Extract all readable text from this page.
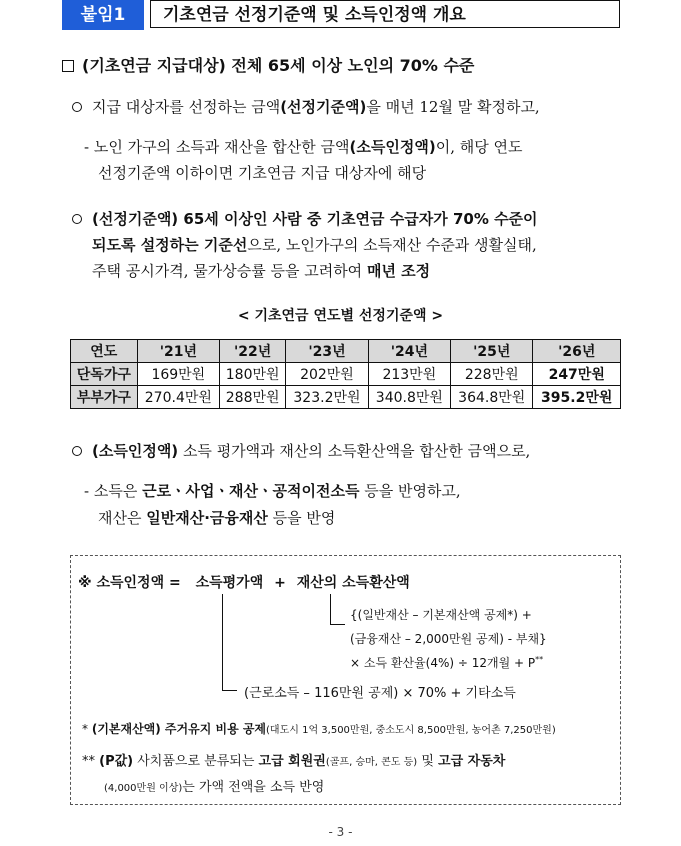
붙임1	기초연금 선정기준액 및 소득인정액 개요
(기초연금 지급대상) 전체 65세 이상 노인의 70% 수준
지급 대상자를 선정하는 금액(선정기준액)을 매년 12월 말 확정하고,
- 노인 가구의 소득과 재산을 합산한 금액(소득인정액)이, 해당 연도
선정기준액 이하이면 기초연금 지급 대상자에 해당
(선정기준액) 65세 이상인 사람 중 기초연금 수급자가 70% 수준이
되도록 설정하는 기준선으로, 노인가구의 소득재산 수준과 생활실태,
주택 공시가격, 물가상승률 등을 고려하여 매년 조정
< 기초연금 연도별 선정기준액 >
연도	'21년	'22년	'23년	'24년	'25년	'26년
단독가구	169만원	180만원	202만원	213만원	228만원	247만원
부부가구	270.4만원	288만원	323.2만원	340.8만원	364.8만원	395.2만원
(소득인정액) 소득 평가액과 재산의 소득환산액을 합산한 금액으로,
- 소득은 근로ㆍ사업ㆍ재산ㆍ공적이전소득 등을 반영하고,
재산은 일반재산·금융재산 등을 반영
※ 소득인정액 = 소득평가액 + 재산의 소득환산액
{(일반재산 – 기본재산액 공제*) +
(금융재산 – 2,000만원 공제) - 부채}
× 소득 환산율(4%) ÷ 12개월 + P**
(근로소득 – 116만원 공제) × 70% + 기타소득
* (기본재산액) 주거유지 비용 공제(대도시 1억 3,500만원, 중소도시 8,500만원, 농어촌 7,250만원)
** (P값) 사치품으로 분류되는 고급 회원권(골프, 승마, 콘도 등) 및 고급 자동차
(4,000만원 이상)는 가액 전액을 소득 반영
- 3 -
